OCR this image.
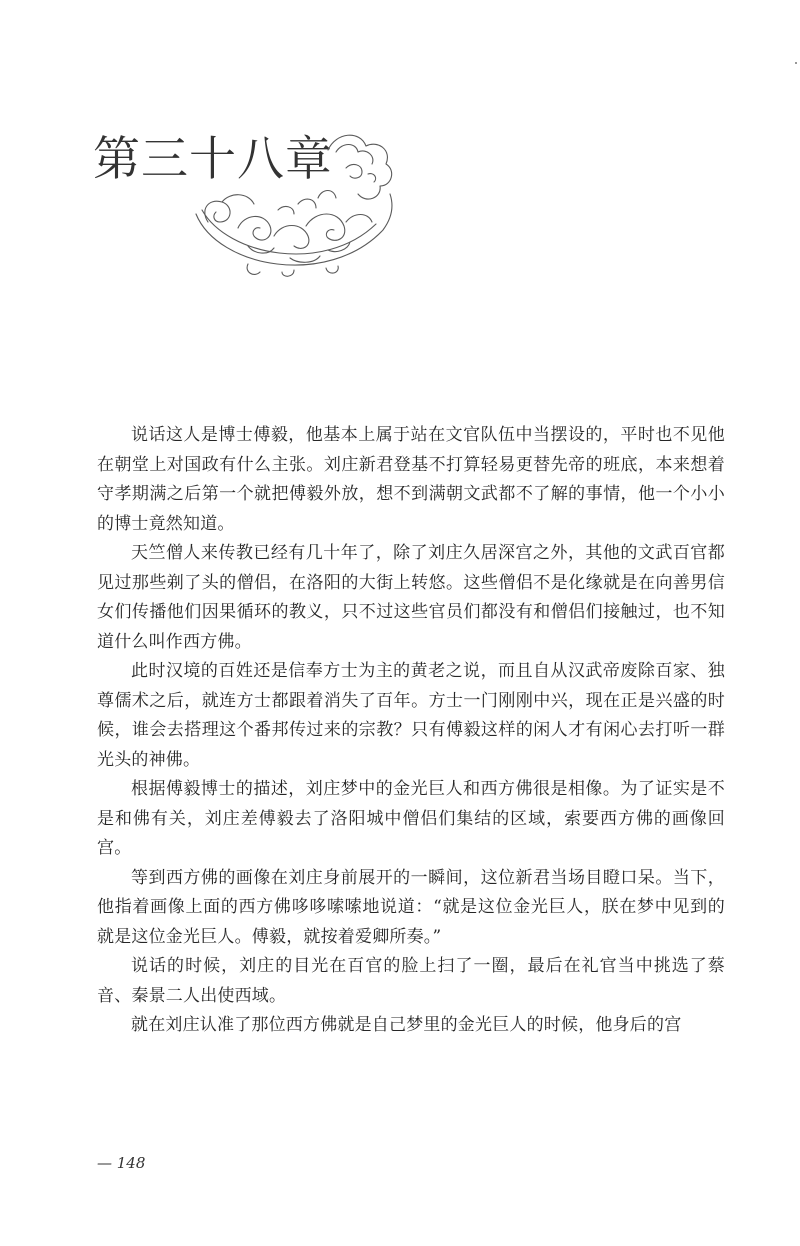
第三十八章

说话这人是博士傅毅，他基本上属于站在文官队伍中当摆设的，平时也不见他在朝堂上对国政有什么主张。刘庄新君登基不打算轻易更替先帝的班底，本来想着守孝期满之后第一个就把傅毅外放，想不到满朝文武都不了解的事情，他一个小小的博士竟然知道。

天竺僧人来传教已经有几十年了，除了刘庄久居深宫之外，其他的文武百官都见过那些剃了头的僧侣，在洛阳的大街上转悠。这些僧侣不是化缘就是在向善男信女们传播他们因果循环的教义，只不过这些官员们都没有和僧侣们接触过，也不知道什么叫作西方佛。

此时汉境的百姓还是信奉方士为主的黄老之说，而且自从汉武帝废除百家、独尊儒术之后，就连方士都跟着消失了百年。方士一门刚刚中兴，现在正是兴盛的时候，谁会去搭理这个番邦传过来的宗教？只有傅毅这样的闲人才有闲心去打听一群光头的神佛。

根据傅毅博士的描述，刘庄梦中的金光巨人和西方佛很是相像。为了证实是不是和佛有关，刘庄差傅毅去了洛阳城中僧侣们集结的区域，索要西方佛的画像回宫。

等到西方佛的画像在刘庄身前展开的一瞬间，这位新君当场目瞪口呆。当下，他指着画像上面的西方佛哆哆嗦嗦地说道：“就是这位金光巨人，朕在梦中见到的就是这位金光巨人。傅毅，就按着爱卿所奏。”

说话的时候，刘庄的目光在百官的脸上扫了一圈，最后在礼官当中挑选了蔡音、秦景二人出使西域。

就在刘庄认准了那位西方佛就是自己梦里的金光巨人的时候，他身后的宫

— 148
